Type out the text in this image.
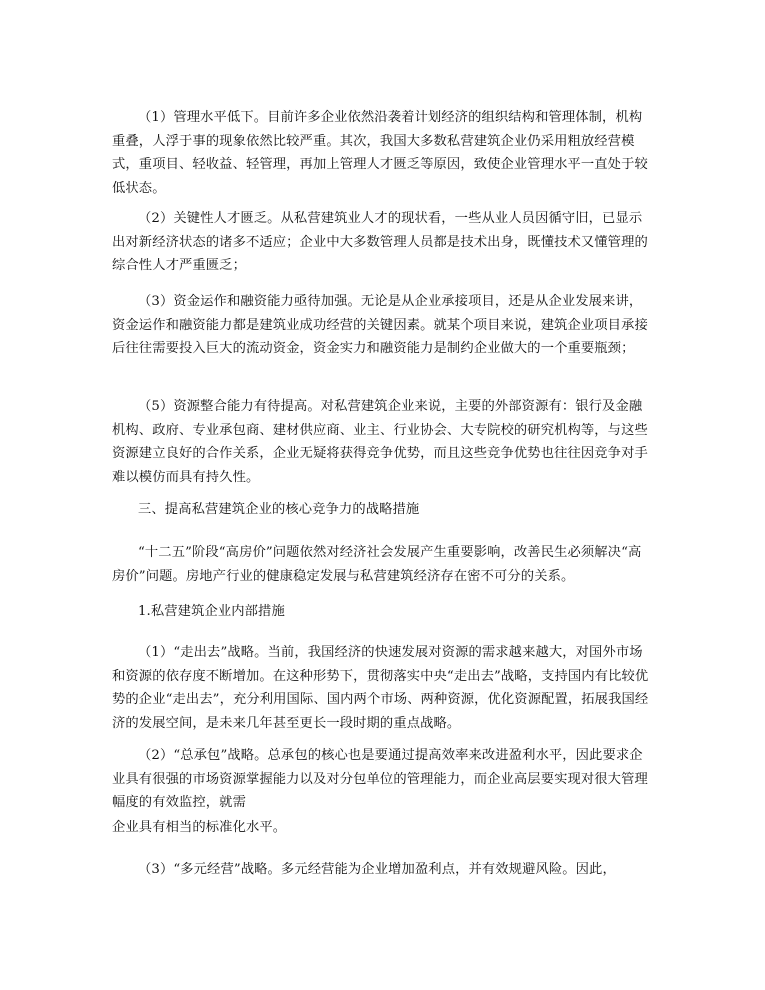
（1）管理水平低下。目前许多企业依然沿袭着计划经济的组织结构和管理体制，机构重叠，人浮于事的现象依然比较严重。其次，我国大多数私营建筑企业仍采用粗放经营模式，重项目、轻收益、轻管理，再加上管理人才匮乏等原因，致使企业管理水平一直处于较低状态。

（2）关键性人才匮乏。从私营建筑业人才的现状看，一些从业人员因循守旧，已显示出对新经济状态的诸多不适应；企业中大多数管理人员都是技术出身，既懂技术又懂管理的综合性人才严重匮乏；

（3）资金运作和融资能力亟待加强。无论是从企业承接项目，还是从企业发展来讲，资金运作和融资能力都是建筑业成功经营的关键因素。就某个项目来说，建筑企业项目承接后往往需要投入巨大的流动资金，资金实力和融资能力是制约企业做大的一个重要瓶颈；

（5）资源整合能力有待提高。对私营建筑企业来说，主要的外部资源有：银行及金融机构、政府、专业承包商、建材供应商、业主、行业协会、大专院校的研究机构等，与这些资源建立良好的合作关系，企业无疑将获得竞争优势，而且这些竞争优势也往往因竞争对手难以模仿而具有持久性。

三、提高私营建筑企业的核心竞争力的战略措施

“十二五”阶段“高房价”问题依然对经济社会发展产生重要影响，改善民生必须解决“高房价”问题。房地产行业的健康稳定发展与私营建筑经济存在密不可分的关系。

1.私营建筑企业内部措施

（1）“走出去”战略。当前，我国经济的快速发展对资源的需求越来越大，对国外市场和资源的依存度不断增加。在这种形势下，贯彻落实中央“走出去”战略，支持国内有比较优势的企业“走出去”，充分利用国际、国内两个市场、两种资源，优化资源配置，拓展我国经济的发展空间，是未来几年甚至更长一段时期的重点战略。

（2）“总承包”战略。总承包的核心也是要通过提高效率来改进盈利水平，因此要求企业具有很强的市场资源掌握能力以及对分包单位的管理能力，而企业高层要实现对很大管理幅度的有效监控，就需

企业具有相当的标准化水平。

（3）“多元经营”战略。多元经营能为企业增加盈利点，并有效规避风险。因此，
